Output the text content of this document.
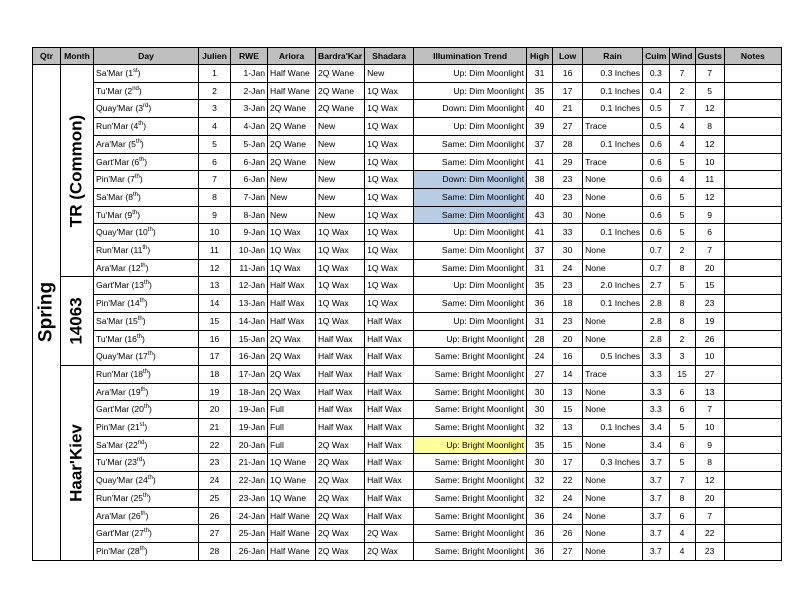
Qtr	Month	Day	Julien	RWE	Arlora	Bardra'Kar	Shadara	Illumination Trend	High	Low	Rain	Culm	Wind	Gusts	Notes

Spring	TR (Common)	Sa'Mar (1st)	1	1-Jan	Half Wane	2Q Wane	New	Up: Dim Moonlight	31	16	0.3 Inches	0.3	7	7	
		Tu'Mar (2nd)	2	2-Jan	Half Wane	2Q Wane	1Q Wax	Up: Dim Moonlight	35	17	0.1 Inches	0.4	2	5	
		Quay'Mar (3rd)	3	3-Jan	2Q Wane	2Q Wane	1Q Wax	Down: Dim Moonlight	40	21	0.1 Inches	0.5	7	12	
		Run'Mar (4th)	4	4-Jan	2Q Wane	New	1Q Wax	Up: Dim Moonlight	39	27	Trace	0.5	4	8	
		Ara'Mar (5th)	5	5-Jan	2Q Wane	New	1Q Wax	Same: Dim Moonlight	37	28	0.1 Inches	0.6	4	12	
		Gart'Mar (6th)	6	6-Jan	2Q Wane	New	1Q Wax	Same: Dim Moonlight	41	29	Trace	0.6	5	10	
		Pin'Mar (7th)	7	6-Jan	New	New	1Q Wax	Down: Dim Moonlight	38	23	None	0.6	4	11	
		Sa'Mar (8th)	8	7-Jan	New	New	1Q Wax	Same: Dim Moonlight	40	23	None	0.6	5	12	
		Tu'Mar (9th)	9	8-Jan	New	New	1Q Wax	Same: Dim Moonlight	43	30	None	0.6	5	9	
		Quay'Mar (10th)	10	9-Jan	1Q Wax	1Q Wax	1Q Wax	Up: Dim Moonlight	41	33	0.1 Inches	0.6	5	6	
		Run'Mar (11th)	11	10-Jan	1Q Wax	1Q Wax	1Q Wax	Same: Dim Moonlight	37	30	None	0.7	2	7	
		Ara'Mar (12th)	12	11-Jan	1Q Wax	1Q Wax	1Q Wax	Same: Dim Moonlight	31	24	None	0.7	8	20	

	14063	Gart'Mar (13th)	13	12-Jan	Half Wax	1Q Wax	1Q Wax	Up: Dim Moonlight	35	23	2.0 Inches	2.7	5	15	
		Pin'Mar (14th)	14	13-Jan	Half Wax	1Q Wax	1Q Wax	Same: Dim Moonlight	36	18	0.1 Inches	2.8	8	23	
		Sa'Mar (15th)	15	14-Jan	Half Wax	1Q Wax	Half Wax	Up: Dim Moonlight	31	23	None	2.8	8	19	
		Tu'Mar (16th)	16	15-Jan	2Q Wax	Half Wax	Half Wax	Up: Bright Moonlight	28	20	None	2.8	2	26	
		Quay'Mar (17th)	17	16-Jan	2Q Wax	Half Wax	Half Wax	Same: Bright Moonlight	24	16	0.5 Inches	3.3	3	10	

	Haar'Kiev	Run'Mar (18th)	18	17-Jan	2Q Wax	Half Wax	Half Wax	Same: Bright Moonlight	27	14	Trace	3.3	15	27	
		Ara'Mar (19th)	19	18-Jan	2Q Wax	Half Wax	Half Wax	Same: Bright Moonlight	30	13	None	3.3	6	13	
		Gart'Mar (20th)	20	19-Jan	Full	Half Wax	Half Wax	Same: Bright Moonlight	30	15	None	3.3	6	7	
		Pin'Mar (21st)	21	19-Jan	Full	Half Wax	Half Wax	Same: Bright Moonlight	32	13	0.1 Inches	3.4	5	10	
		Sa'Mar (22nd)	22	20-Jan	Full	2Q Wax	Half Wax	Up: Bright Moonlight	35	15	None	3.4	6	9	
		Tu'Mar (23rd)	23	21-Jan	1Q Wane	2Q Wax	Half Wax	Same: Bright Moonlight	30	17	0.3 Inches	3.7	5	8	
		Quay'Mar (24th)	24	22-Jan	1Q Wane	2Q Wax	Half Wax	Same: Bright Moonlight	32	22	None	3.7	7	12	
		Run'Mar (25th)	25	23-Jan	1Q Wane	2Q Wax	Half Wax	Same: Bright Moonlight	32	24	None	3.7	8	20	
		Ara'Mar (26th)	26	24-Jan	Half Wane	2Q Wax	Half Wax	Same: Bright Moonlight	36	24	None	3.7	6	7	
		Gart'Mar (27th)	27	25-Jan	Half Wane	2Q Wax	2Q Wax	Same: Bright Moonlight	36	26	None	3.7	4	22	
		Pin'Mar (28th)	28	26-Jan	Half Wane	2Q Wax	2Q Wax	Same: Bright Moonlight	36	27	None	3.7	4	23	
